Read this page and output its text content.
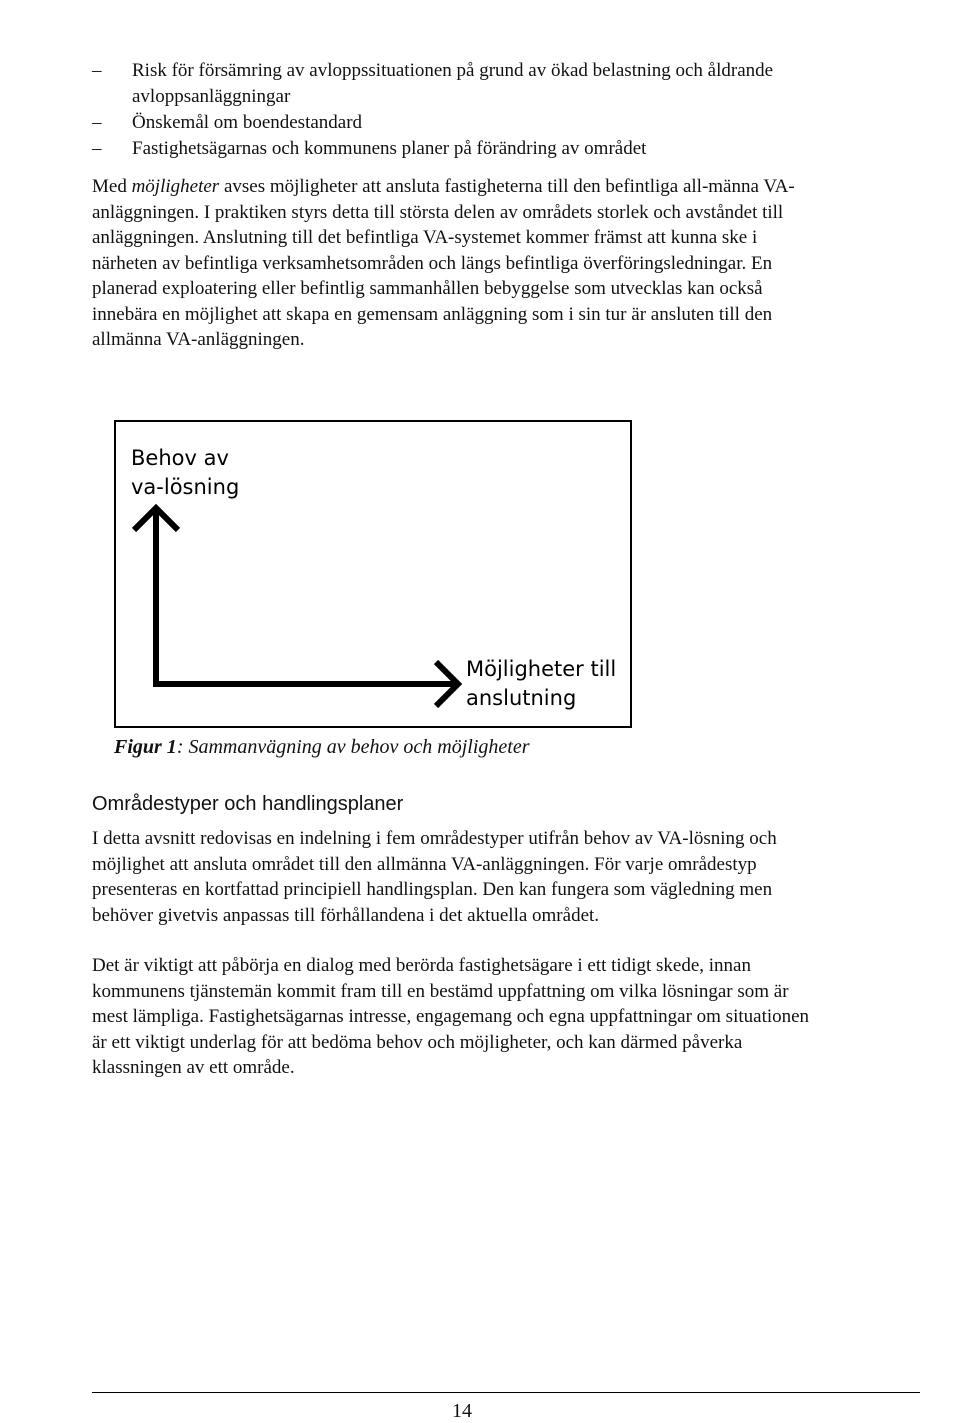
–	Risk för försämring av avloppssituationen på grund av ökad belastning och åldrande avloppsanläggningar
–	Önskemål om boendestandard
–	Fastighetsägarnas och kommunens planer på förändring av området

Med möjligheter avses möjligheter att ansluta fastigheterna till den befintliga all-männa VA-anläggningen. I praktiken styrs detta till största delen av områdets storlek och avståndet till anläggningen. Anslutning till det befintliga VA-systemet kommer främst att kunna ske i närheten av befintliga verksamhetsområden och längs befintliga överföringsledningar. En planerad exploatering eller befintlig sammanhållen bebyggelse som utvecklas kan också innebära en möjlighet att skapa en gemensam anläggning som i sin tur är ansluten till den allmänna VA-anläggningen.

Behov av
va-lösning
Möjligheter till
anslutning
Figur 1: Sammanvägning av behov och möjligheter
Områdestyper och handlingsplaner

I detta avsnitt redovisas en indelning i fem områdestyper utifrån behov av VA-lösning och möjlighet att ansluta området till den allmänna VA-anläggningen. För varje områdestyp presenteras en kortfattad principiell handlingsplan. Den kan fungera som vägledning men behöver givetvis anpassas till förhållandena i det aktuella området.

Det är viktigt att påbörja en dialog med berörda fastighetsägare i ett tidigt skede, innan kommunens tjänstemän kommit fram till en bestämd uppfattning om vilka lösningar som är mest lämpliga. Fastighetsägarnas intresse, engagemang och egna uppfattningar om situationen är ett viktigt underlag för att bedöma behov och möjligheter, och kan därmed påverka klassningen av ett område.

14
